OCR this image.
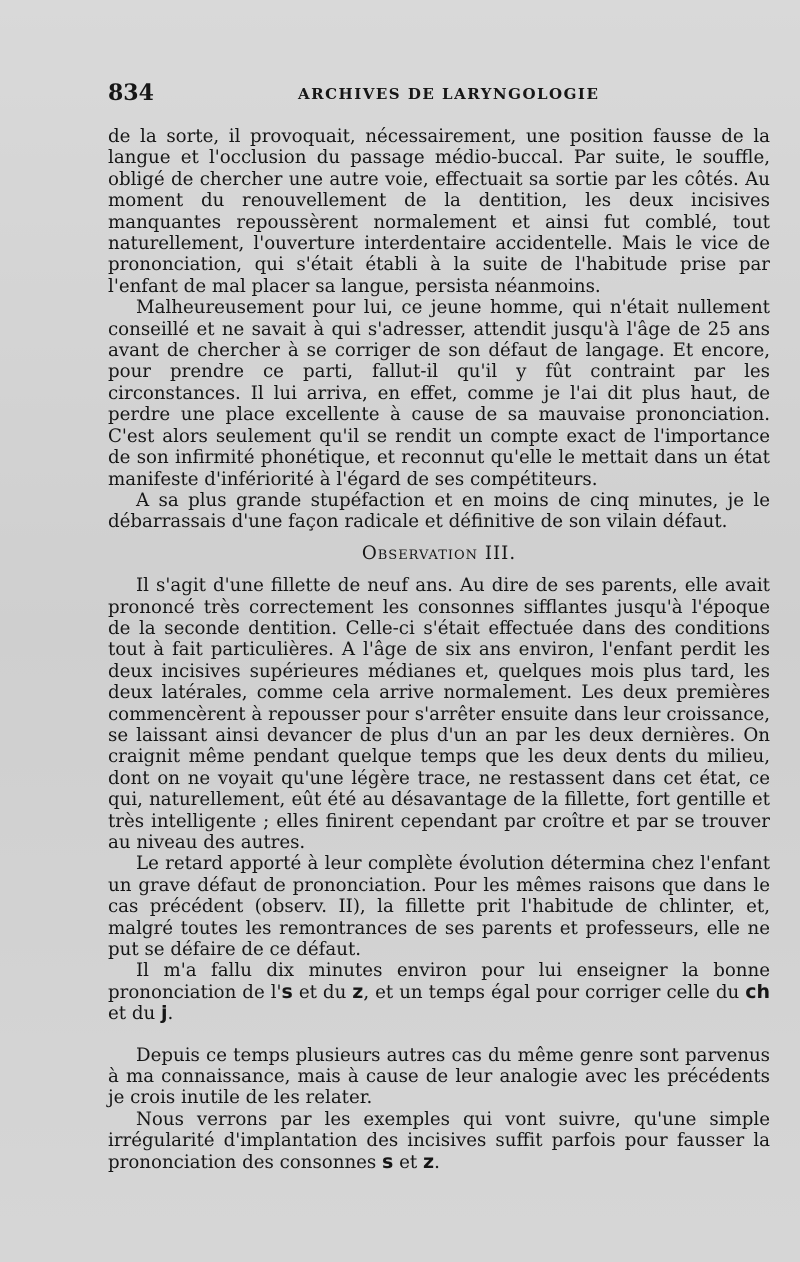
834	ARCHIVES DE LARYNGOLOGIE

de la sorte, il provoquait, nécessairement, une position fausse de la langue et l'occlusion du passage médio-buccal. Par suite, le souffle, obligé de chercher une autre voie, effectuait sa sortie par les côtés. Au moment du renouvellement de la dentition, les deux incisives manquantes repoussèrent normalement et ainsi fut comblé, tout naturellement, l'ouverture interdentaire accidentelle. Mais le vice de prononciation, qui s'était établi à la suite de l'habitude prise par l'enfant de mal placer sa langue, persista néanmoins.

Malheureusement pour lui, ce jeune homme, qui n'était nullement conseillé et ne savait à qui s'adresser, attendit jusqu'à l'âge de 25 ans avant de chercher à se corriger de son défaut de langage. Et encore, pour prendre ce parti, fallut-il qu'il y fût contraint par les circonstances. Il lui arriva, en effet, comme je l'ai dit plus haut, de perdre une place excellente à cause de sa mauvaise prononciation. C'est alors seulement qu'il se rendit un compte exact de l'importance de son infirmité phonétique, et reconnut qu'elle le mettait dans un état manifeste d'infériorité à l'égard de ses compétiteurs.

A sa plus grande stupéfaction et en moins de cinq minutes, je le débarrassais d'une façon radicale et définitive de son vilain défaut.

Observation III.

Il s'agit d'une fillette de neuf ans. Au dire de ses parents, elle avait prononcé très correctement les consonnes sifflantes jusqu'à l'époque de la seconde dentition. Celle-ci s'était effectuée dans des conditions tout à fait particulières. A l'âge de six ans environ, l'enfant perdit les deux incisives supérieures médianes et, quelques mois plus tard, les deux latérales, comme cela arrive normalement. Les deux premières commencèrent à repousser pour s'arrêter ensuite dans leur croissance, se laissant ainsi devancer de plus d'un an par les deux dernières. On craignit même pendant quelque temps que les deux dents du milieu, dont on ne voyait qu'une légère trace, ne restassent dans cet état, ce qui, naturellement, eût été au désavantage de la fillette, fort gentille et très intelligente ; elles finirent cependant par croître et par se trouver au niveau des autres.

Le retard apporté à leur complète évolution détermina chez l'enfant un grave défaut de prononciation. Pour les mêmes raisons que dans le cas précédent (observ. II), la fillette prit l'habitude de chlinter, et, malgré toutes les remontrances de ses parents et professeurs, elle ne put se défaire de ce défaut.

Il m'a fallu dix minutes environ pour lui enseigner la bonne prononciation de l's et du z, et un temps égal pour corriger celle du ch et du j.

Depuis ce temps plusieurs autres cas du même genre sont parvenus à ma connaissance, mais à cause de leur analogie avec les précédents je crois inutile de les relater.

Nous verrons par les exemples qui vont suivre, qu'une simple irrégularité d'implantation des incisives suffit parfois pour fausser la prononciation des consonnes s et z.
